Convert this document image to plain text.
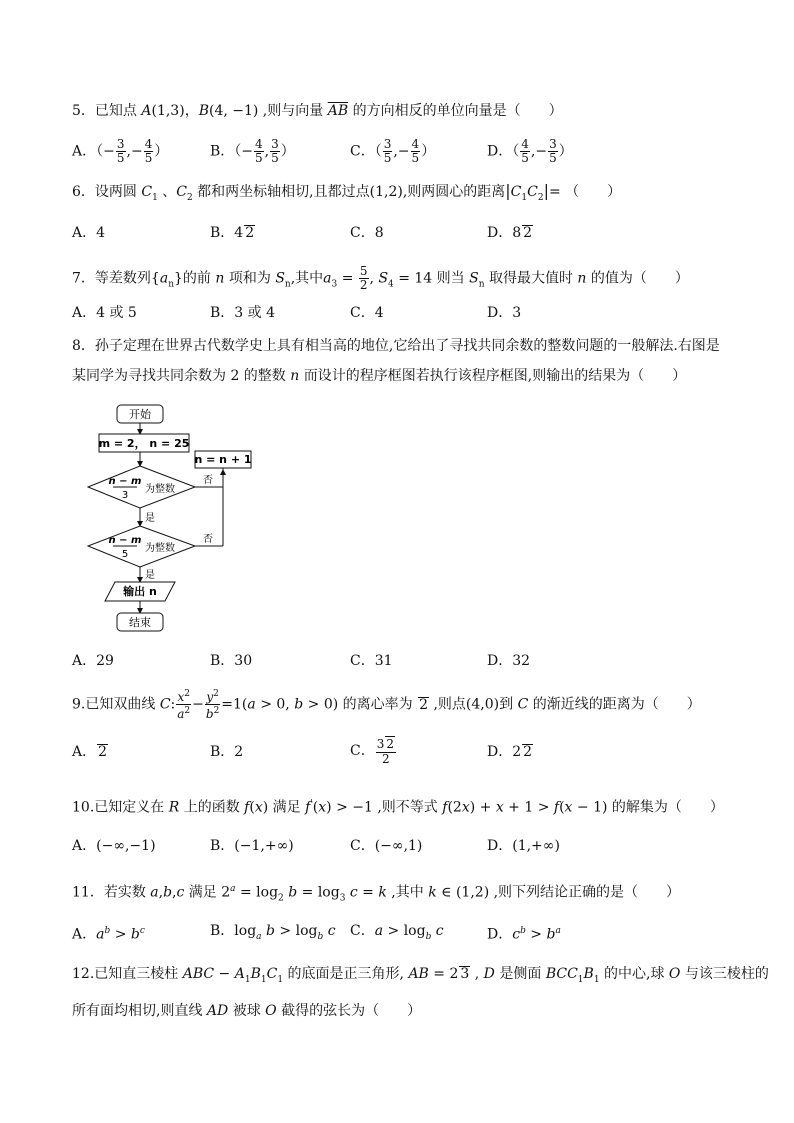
5．已知点 A(1,3)，B(4, −1) ,则与向量 $\overline{AB}$ 的方向相反的单位向量是（　　）
A．（− $\frac{3}{5}$ ,− $\frac{4}{5}$ ）	B．（− $\frac{4}{5}$ , $\frac{3}{5}$ ）	C．（ $\frac{3}{5}$ ,− $\frac{4}{5}$ ）	D．（ $\frac{4}{5}$ ,− $\frac{3}{5}$ ）
6．设两圆 $C_1$ 、$C_2$ 都和两坐标轴相切,且都过点(1,2),则两圆心的距离$|C_1C_2|=$ （　　）
A．4	B．4 2	C．8	D．8 2
7．等差数列$\{a_n\}$的前 n 项和为 $S_n$,其中$a_3 = \frac{5}{2}$ , $S_4 = 14$ 则当 $S_n$ 取得最大值时 n 的值为（　　）
A．4 或 5	B．3 或 4	C．4	D．3
8．孙子定理在世界古代数学史上具有相当高的地位,它给出了寻找共同余数的整数问题的一般解法.右图是
某同学为寻找共同余数为 2 的整数 n 而设计的程序框图若执行该程序框图,则输出的结果为（　　）
开始
m = 2， n = 25
n = n + 1
n − m
3
为整数
否
是
n − m
5
为整数
否
是
输出 n
结束
A．29	B．30	C．31	D．32
9.已知双曲线 C: $\frac{x^2}{a^2} - \frac{y^2}{b^2} =1(a > 0$, b > 0) 的离心率为 2 ,则点(4,0)到 C 的渐近线的距离为（　　）
A． 2	B．2	C． $\frac{3 2}{2}$	D．2 2
10.已知定义在 R 上的函数 f(x) 满足 f'(x) > −1 ,则不等式 f(2x) + x + 1 > f(x − 1) 的解集为（　　）
A．(−∞,−1)	B．(−1,+∞)	C．(−∞,1)	D．(1,+∞)
11．若实数 a,b,c 满足 $2^a = \log_2 b = \log_3 c = k$ ,其中 k ∈ (1,2) ,则下列结论正确的是（　　）
A．$a^b > b^c$	B．$\log_a b > \log_b c$ C．$a > \log_b c$	D．$c^b > b^a$
12.已知直三棱柱 ABC − $A_1B_1C_1$ 的底面是正三角形, AB = 2 3 , D 是侧面 $BCC_1B_1$ 的中心,球 O 与该三棱柱的
所有面均相切,则直线 AD 被球 O 截得的弦长为（　　）
